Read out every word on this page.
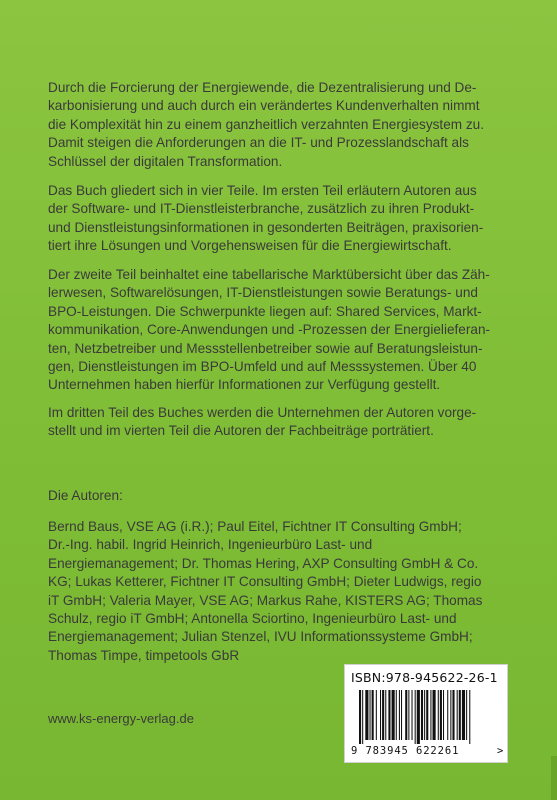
Durch die Forcierung der Energiewende, die Dezentralisierung und De-
karbonisierung und auch durch ein verändertes Kundenverhalten nimmt
die Komplexität hin zu einem ganzheitlich verzahnten Energiesystem zu.
Damit steigen die Anforderungen an die IT- und Prozesslandschaft als
Schlüssel der digitalen Transformation.

Das Buch gliedert sich in vier Teile. Im ersten Teil erläutern Autoren aus
der Software- und IT-Dienstleisterbranche, zusätzlich zu ihren Produkt-
und Dienstleistungsinformationen in gesonderten Beiträgen, praxisorien-
tiert ihre Lösungen und Vorgehensweisen für die Energiewirtschaft.

Der zweite Teil beinhaltet eine tabellarische Marktübersicht über das Zäh-
lerwesen, Softwarelösungen, IT-Dienstleistungen sowie Beratungs- und
BPO-Leistungen. Die Schwerpunkte liegen auf: Shared Services, Markt-
kommunikation, Core-Anwendungen und -Prozessen der Energielieferan-
ten, Netzbetreiber und Messstellenbetreiber sowie auf Beratungsleistun-
gen, Dienstleistungen im BPO-Umfeld und auf Messsystemen. Über 40
Unternehmen haben hierfür Informationen zur Verfügung gestellt.

Im dritten Teil des Buches werden die Unternehmen der Autoren vorge-
stellt und im vierten Teil die Autoren der Fachbeiträge porträtiert.

Die Autoren:

Bernd Baus, VSE AG (i.R.); Paul Eitel, Fichtner IT Consulting GmbH;
Dr.-Ing. habil. Ingrid Heinrich, Ingenieurbüro Last- und
Energiemanagement; Dr. Thomas Hering, AXP Consulting GmbH & Co.
KG; Lukas Ketterer, Fichtner IT Consulting GmbH; Dieter Ludwigs, regio
iT GmbH; Valeria Mayer, VSE AG; Markus Rahe, KISTERS AG; Thomas
Schulz, regio iT GmbH; Antonella Sciortino, Ingenieurbüro Last- und
Energiemanagement; Julian Stenzel, IVU Informationssysteme GmbH;
Thomas Timpe, timpetools GbR

www.ks-energy-verlag.de
ISBN:978-945622-26-1
9 783945 622261	>
